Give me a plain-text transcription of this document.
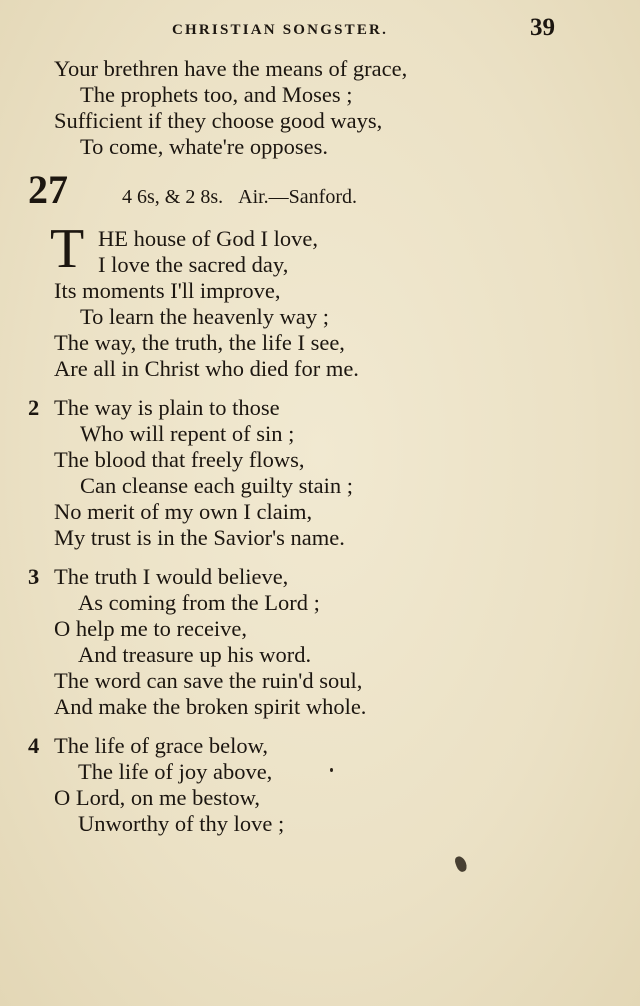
CHRISTIAN SONGSTER.	39
Your brethren have the means of grace,
The prophets too, and Moses ;
Sufficient if they choose good ways,
To come, whate're opposes.
27	4 6s, & 2 8s. Air.—Sanford.
T HE house of God I love,
I love the sacred day,
Its moments I'll improve,
To learn the heavenly way ;
The way, the truth, the life I see,
Are all in Christ who died for me.
2 The way is plain to those
Who will repent of sin ;
The blood that freely flows,
Can cleanse each guilty stain ;
No merit of my own I claim,
My trust is in the Savior's name.
3 The truth I would believe,
As coming from the Lord ;
O help me to receive,
And treasure up his word.
The word can save the ruin'd soul,
And make the broken spirit whole.
4 The life of grace below,
The life of joy above,
O Lord, on me bestow,
Unworthy of thy love ;
